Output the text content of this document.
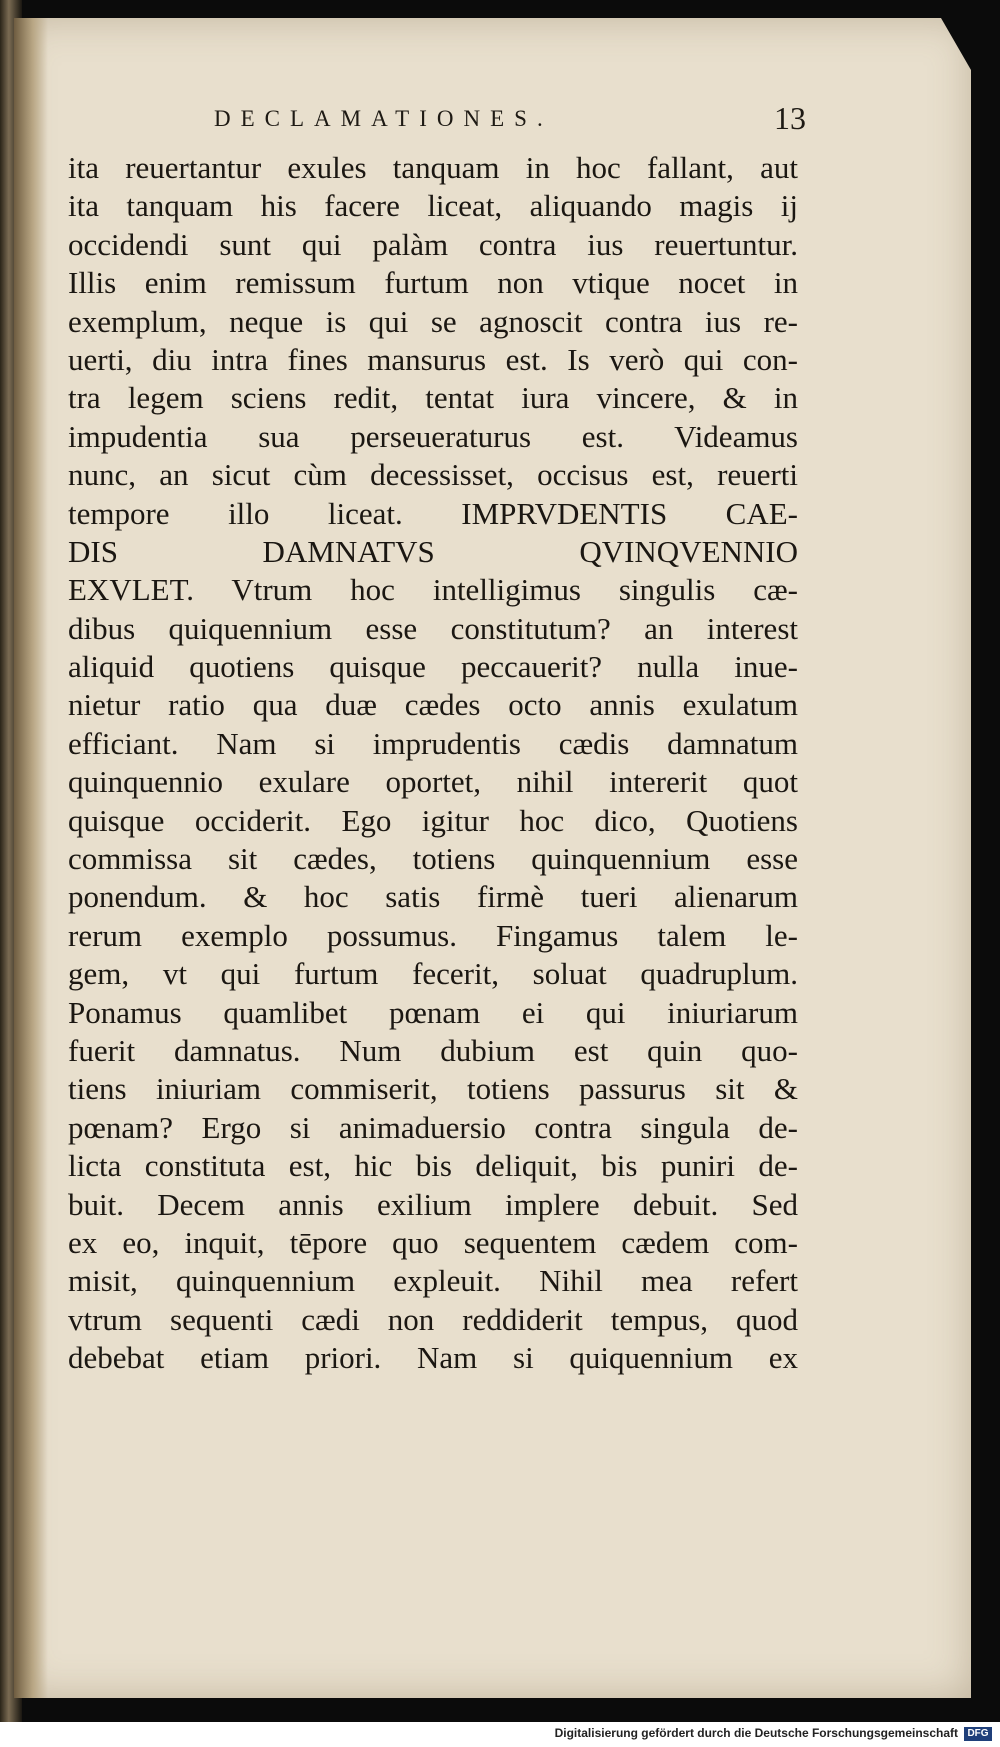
DECLAMATIONES.	13
ita reuertantur exules tanquam in hoc fallant, aut
ita tanquam his facere liceat, aliquando magis ij
occidendi sunt qui palàm contra ius reuertuntur.
Illis enim remissum furtum non vtique nocet in
exemplum, neque is qui se agnoscit contra ius re-
uerti, diu intra fines mansurus est. Is verò qui con-
tra legem sciens redit, tentat iura vincere, & in
impudentia sua perseueraturus est. Videamus
nunc, an sicut cùm decessisset, occisus est, reuerti
tempore illo liceat. IMPRVDENTIS CAE-
DIS DAMNATVS QVINQVENNIO
EXVLET. Vtrum hoc intelligimus singulis cæ-
dibus quiquennium esse constitutum? an interest
aliquid quotiens quisque peccauerit? nulla inue-
nietur ratio qua duæ cædes octo annis exulatum
efficiant. Nam si imprudentis cædis damnatum
quinquennio exulare oportet, nihil intererit quot
quisque occiderit. Ego igitur hoc dico, Quotiens
commissa sit cædes, totiens quinquennium esse
ponendum. & hoc satis firmè tueri alienarum
rerum exemplo possumus. Fingamus talem le-
gem, vt qui furtum fecerit, soluat quadruplum.
Ponamus quamlibet pœnam ei qui iniuriarum
fuerit damnatus. Num dubium est quin quo-
tiens iniuriam commiserit, totiens passurus sit &
pœnam? Ergo si animaduersio contra singula de-
licta constituta est, hic bis deliquit, bis puniri de-
buit. Decem annis exilium implere debuit. Sed
ex eo, inquit, tēpore quo sequentem cædem com-
misit, quinquennium expleuit. Nihil mea refert
vtrum sequenti cædi non reddiderit tempus, quod
debebat etiam priori. Nam si quiquennium ex
Digitalisierung gefördert durch die Deutsche Forschungsgemeinschaft DFG
